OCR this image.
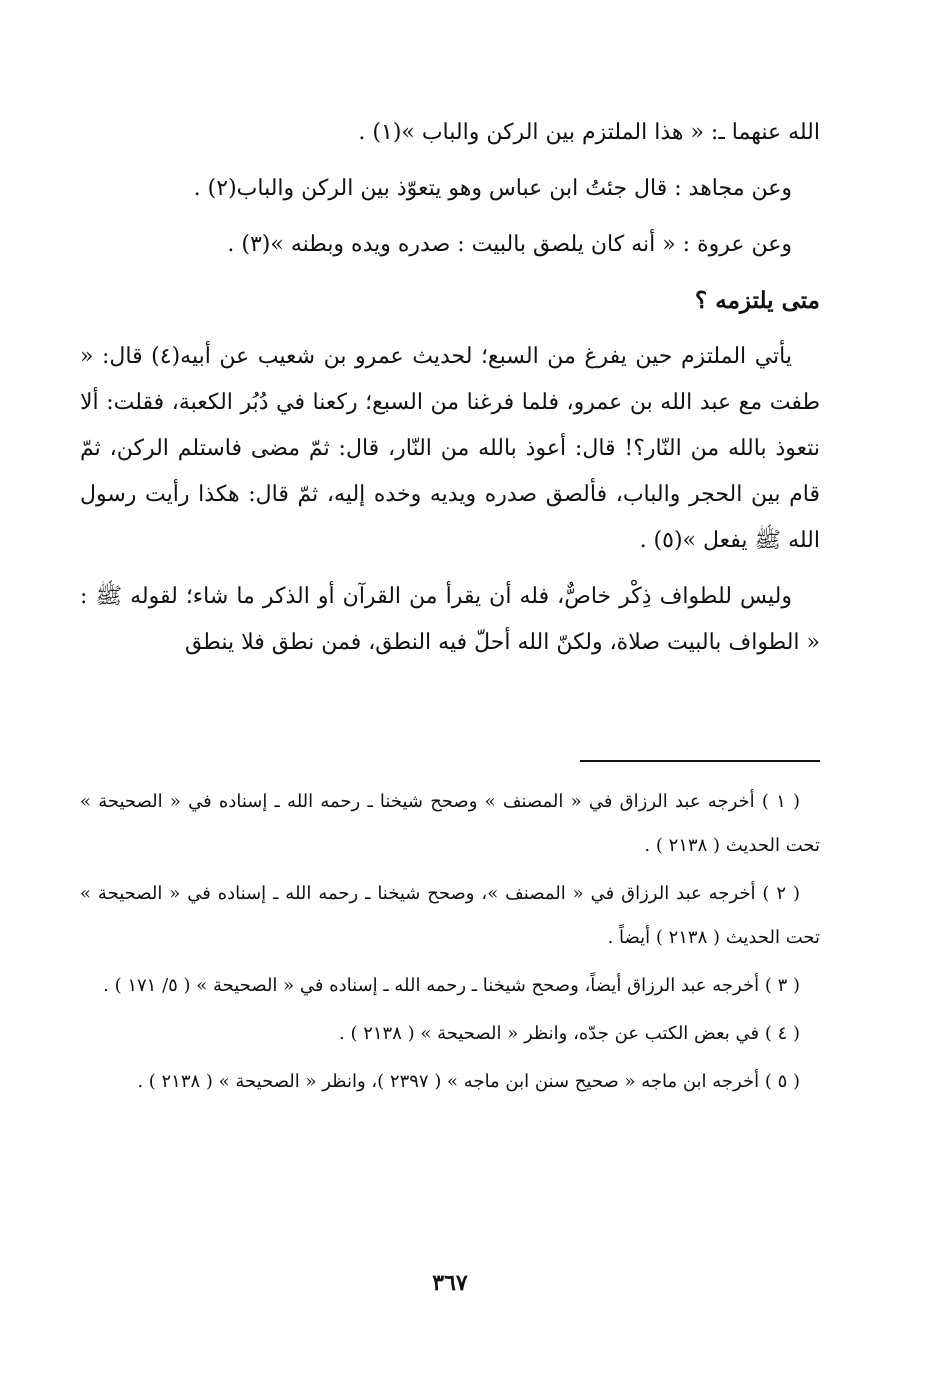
الله عنهما ـ: « هذا الملتزم بين الركن والباب »(١) .

وعن مجاهد : قال جئتُ ابن عباس وهو يتعوّذ بين الركن والباب(٢) .

وعن عروة : « أنه كان يلصق بالبيت : صدره ويده وبطنه »(٣) .

متى يلتزمه ؟

يأتي الملتزم حين يفرغ من السبع؛ لحديث عمرو بن شعيب عن أبيه(٤) قال: « طفت مع عبد الله بن عمرو، فلما فرغنا من السبع؛ ركعنا في دُبُر الكعبة، فقلت: ألا نتعوذ بالله من النّار؟! قال: أعوذ بالله من النّار، قال: ثمّ مضى فاستلم الركن، ثمّ قام بين الحجر والباب، فألصق صدره ويديه وخده إليه، ثمّ قال: هكذا رأيت رسول الله ﷺ يفعل »(٥) .

وليس للطواف ذِكْر خاصٌّ، فله أن يقرأ من القرآن أو الذكر ما شاء؛ لقوله ﷺ : « الطواف بالبيت صلاة، ولكنّ الله أحلّ فيه النطق، فمن نطق فلا ينطق

( ١ ) أخرجه عبد الرزاق في « المصنف » وصحح شيخنا ـ رحمه الله ـ إسناده في « الصحيحة » تحت الحديث ( ٢١٣٨ ) .

( ٢ ) أخرجه عبد الرزاق في « المصنف »، وصحح شيخنا ـ رحمه الله ـ إسناده في « الصحيحة » تحت الحديث ( ٢١٣٨ ) أيضاً .

( ٣ ) أخرجه عبد الرزاق أيضاً، وصحح شيخنا ـ رحمه الله ـ إسناده في « الصحيحة » ( ٥/ ١٧١ ) .

( ٤ ) في بعض الكتب عن جدّه، وانظر « الصحيحة » ( ٢١٣٨ ) .

( ٥ ) أخرجه ابن ماجه « صحيح سنن ابن ماجه » ( ٢٣٩٧ )، وانظر « الصحيحة » ( ٢١٣٨ ) .

٣٦٧
